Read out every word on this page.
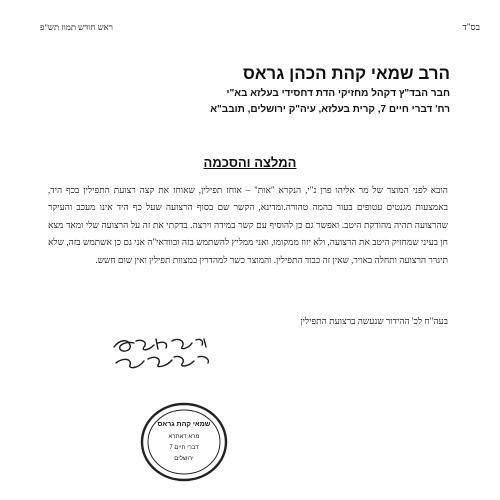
בס"ד
ראש חודש תמוז תש"פ
הרב שמאי קהת הכהן גראס
חבר הבד"ץ דקהל מחזיקי הדת דחסידי בעלזא בא"י
רח' דברי חיים 7, קרית בעלזא, עיה"ק ירושלים, תובב"א
המלצה והסכמה

הובא לפני המוצר של מר אליהו פרן נ"י, הנקרא "אות" – אוחז תפילין, שאוחז את קצה רצועת התפילין בכף היד, באמצעות מגנטים עטופים בעור בהמה טהורה.ומדינא, הקשר שם בסוף הרצועה שעל כף היד אינו מעכב והעיקר שהרצועה תהיה מהודקת היטב. ואפשר גם כן להוסיף עם קשר במידה וירצה. בדקתי את זה על הרצועה שלי ומאד מצא חן בעיני שמחזיק היטב את הרצועה, ולא יזוז ממקומו, ואני ממליץ להשתמש בזה ובוודאי"ה אני גם כן אשתמש בזה, שלא תיגרר הרצועה ותחלה באויר, שאין זה כבוד התפילין. והמוצר כשר למהדרין במצוות תפילין ואין שום חשש.

בעה"ח לכ' ההידור שנעשה ברצועת התפילין
שמאי קהת גראס
מרא דאתרא
דברי חיים 7
ירושלים
